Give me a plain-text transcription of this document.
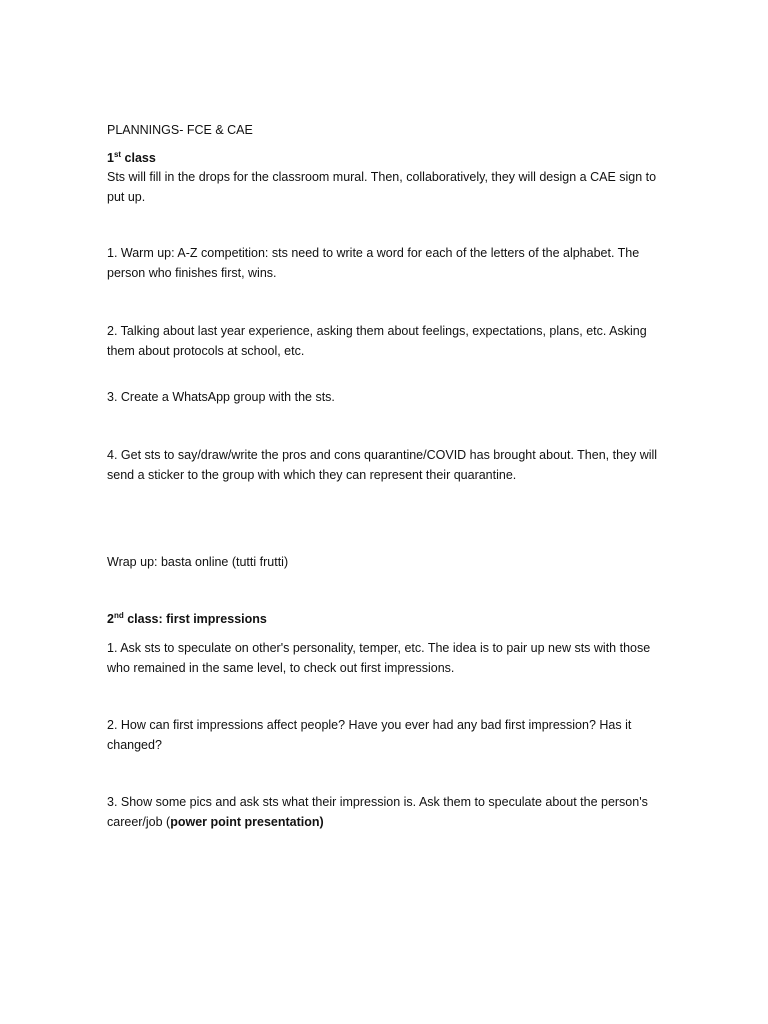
PLANNINGS- FCE & CAE

1st class

Sts will fill in the drops for the classroom mural. Then, collaboratively, they will design a CAE sign to put up.

1. Warm up: A-Z competition: sts need to write a word for each of the letters of the alphabet. The person who finishes first, wins.

2. Talking about last year experience, asking them about feelings, expectations, plans, etc. Asking them about protocols at school, etc.

3. Create a WhatsApp group with the sts.

4. Get sts to say/draw/write the pros and cons quarantine/COVID has brought about. Then, they will send a sticker to the group with which they can represent their quarantine.

Wrap up: basta online (tutti frutti)

2nd class: first impressions

1. Ask sts to speculate on other's personality, temper, etc. The idea is to pair up new sts with those who remained in the same level, to check out first impressions.

2. How can first impressions affect people? Have you ever had any bad first impression? Has it changed?

3. Show some pics and ask sts what their impression is. Ask them to speculate about the person's career/job (power point presentation)
